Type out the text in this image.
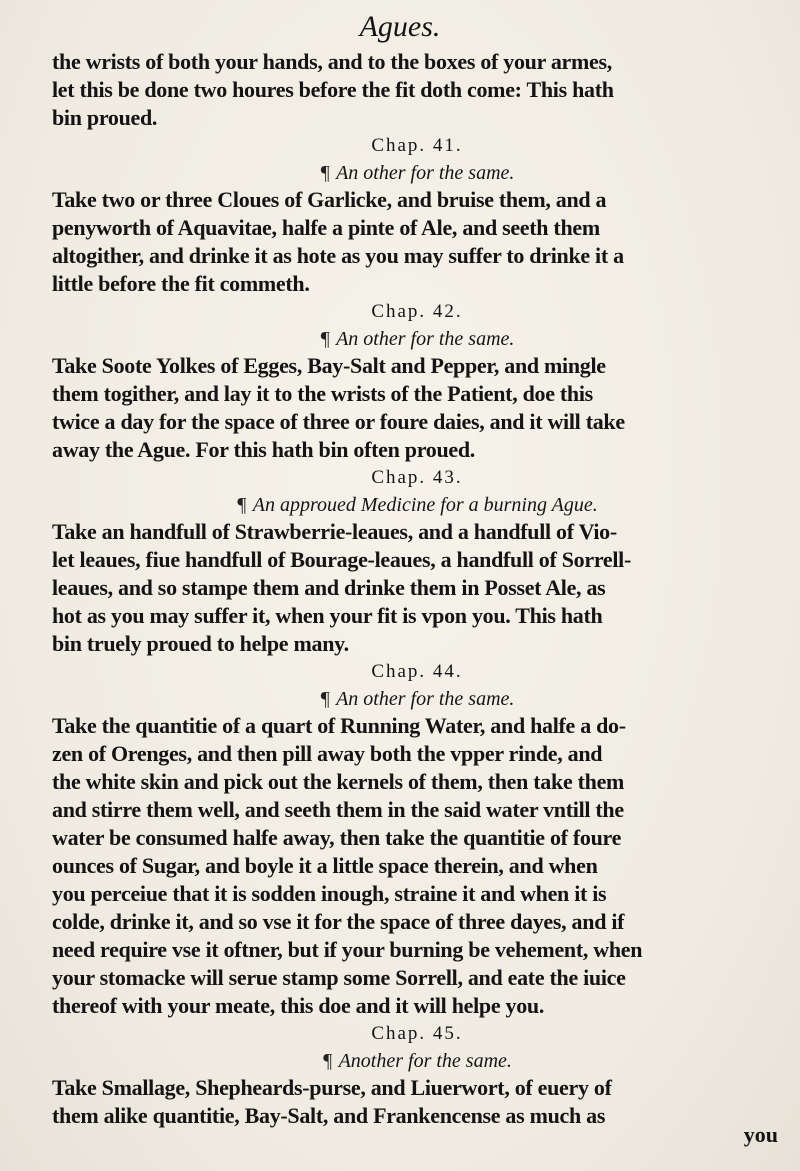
Agues.
the wrists of both your hands, and to the boxes of your armes,
let this be done two houres before the fit doth come: This hath
bin proued.
Chap. 41.
¶ An other for the same.
Take two or three Cloues of Garlicke, and bruise them, and a
penyworth of Aquavitae, halfe a pinte of Ale, and seeth them
altogither, and drinke it as hote as you may suffer to drinke it a
little before the fit commeth.
Chap. 42.
¶ An other for the same.
Take Soote Yolkes of Egges, Bay-Salt and Pepper, and mingle
them togither, and lay it to the wrists of the Patient, doe this
twice a day for the space of three or foure daies, and it will take
away the Ague. For this hath bin often proued.
Chap. 43.
¶ An approued Medicine for a burning Ague.
Take an handfull of Strawberrie-leaues, and a handfull of Vio-
let leaues, fiue handfull of Bourage-leaues, a handfull of Sorrell-
leaues, and so stampe them and drinke them in Posset Ale, as
hot as you may suffer it, when your fit is vpon you. This hath
bin truely proued to helpe many.
Chap. 44.
¶ An other for the same.
Take the quantitie of a quart of Running Water, and halfe a do-
zen of Orenges, and then pill away both the vpper rinde, and
the white skin and pick out the kernels of them, then take them
and stirre them well, and seeth them in the said water vntill the
water be consumed halfe away, then take the quantitie of foure
ounces of Sugar, and boyle it a little space therein, and when
you perceiue that it is sodden inough, straine it and when it is
colde, drinke it, and so vse it for the space of three dayes, and if
need require vse it oftner, but if your burning be vehement, when
your stomacke will serue stamp some Sorrell, and eate the iuice
thereof with your meate, this doe and it will helpe you.
Chap. 45.
¶ Another for the same.
Take Smallage, Shepheards-purse, and Liuerwort, of euery of
them alike quantitie, Bay-Salt, and Frankencense as much as
you
